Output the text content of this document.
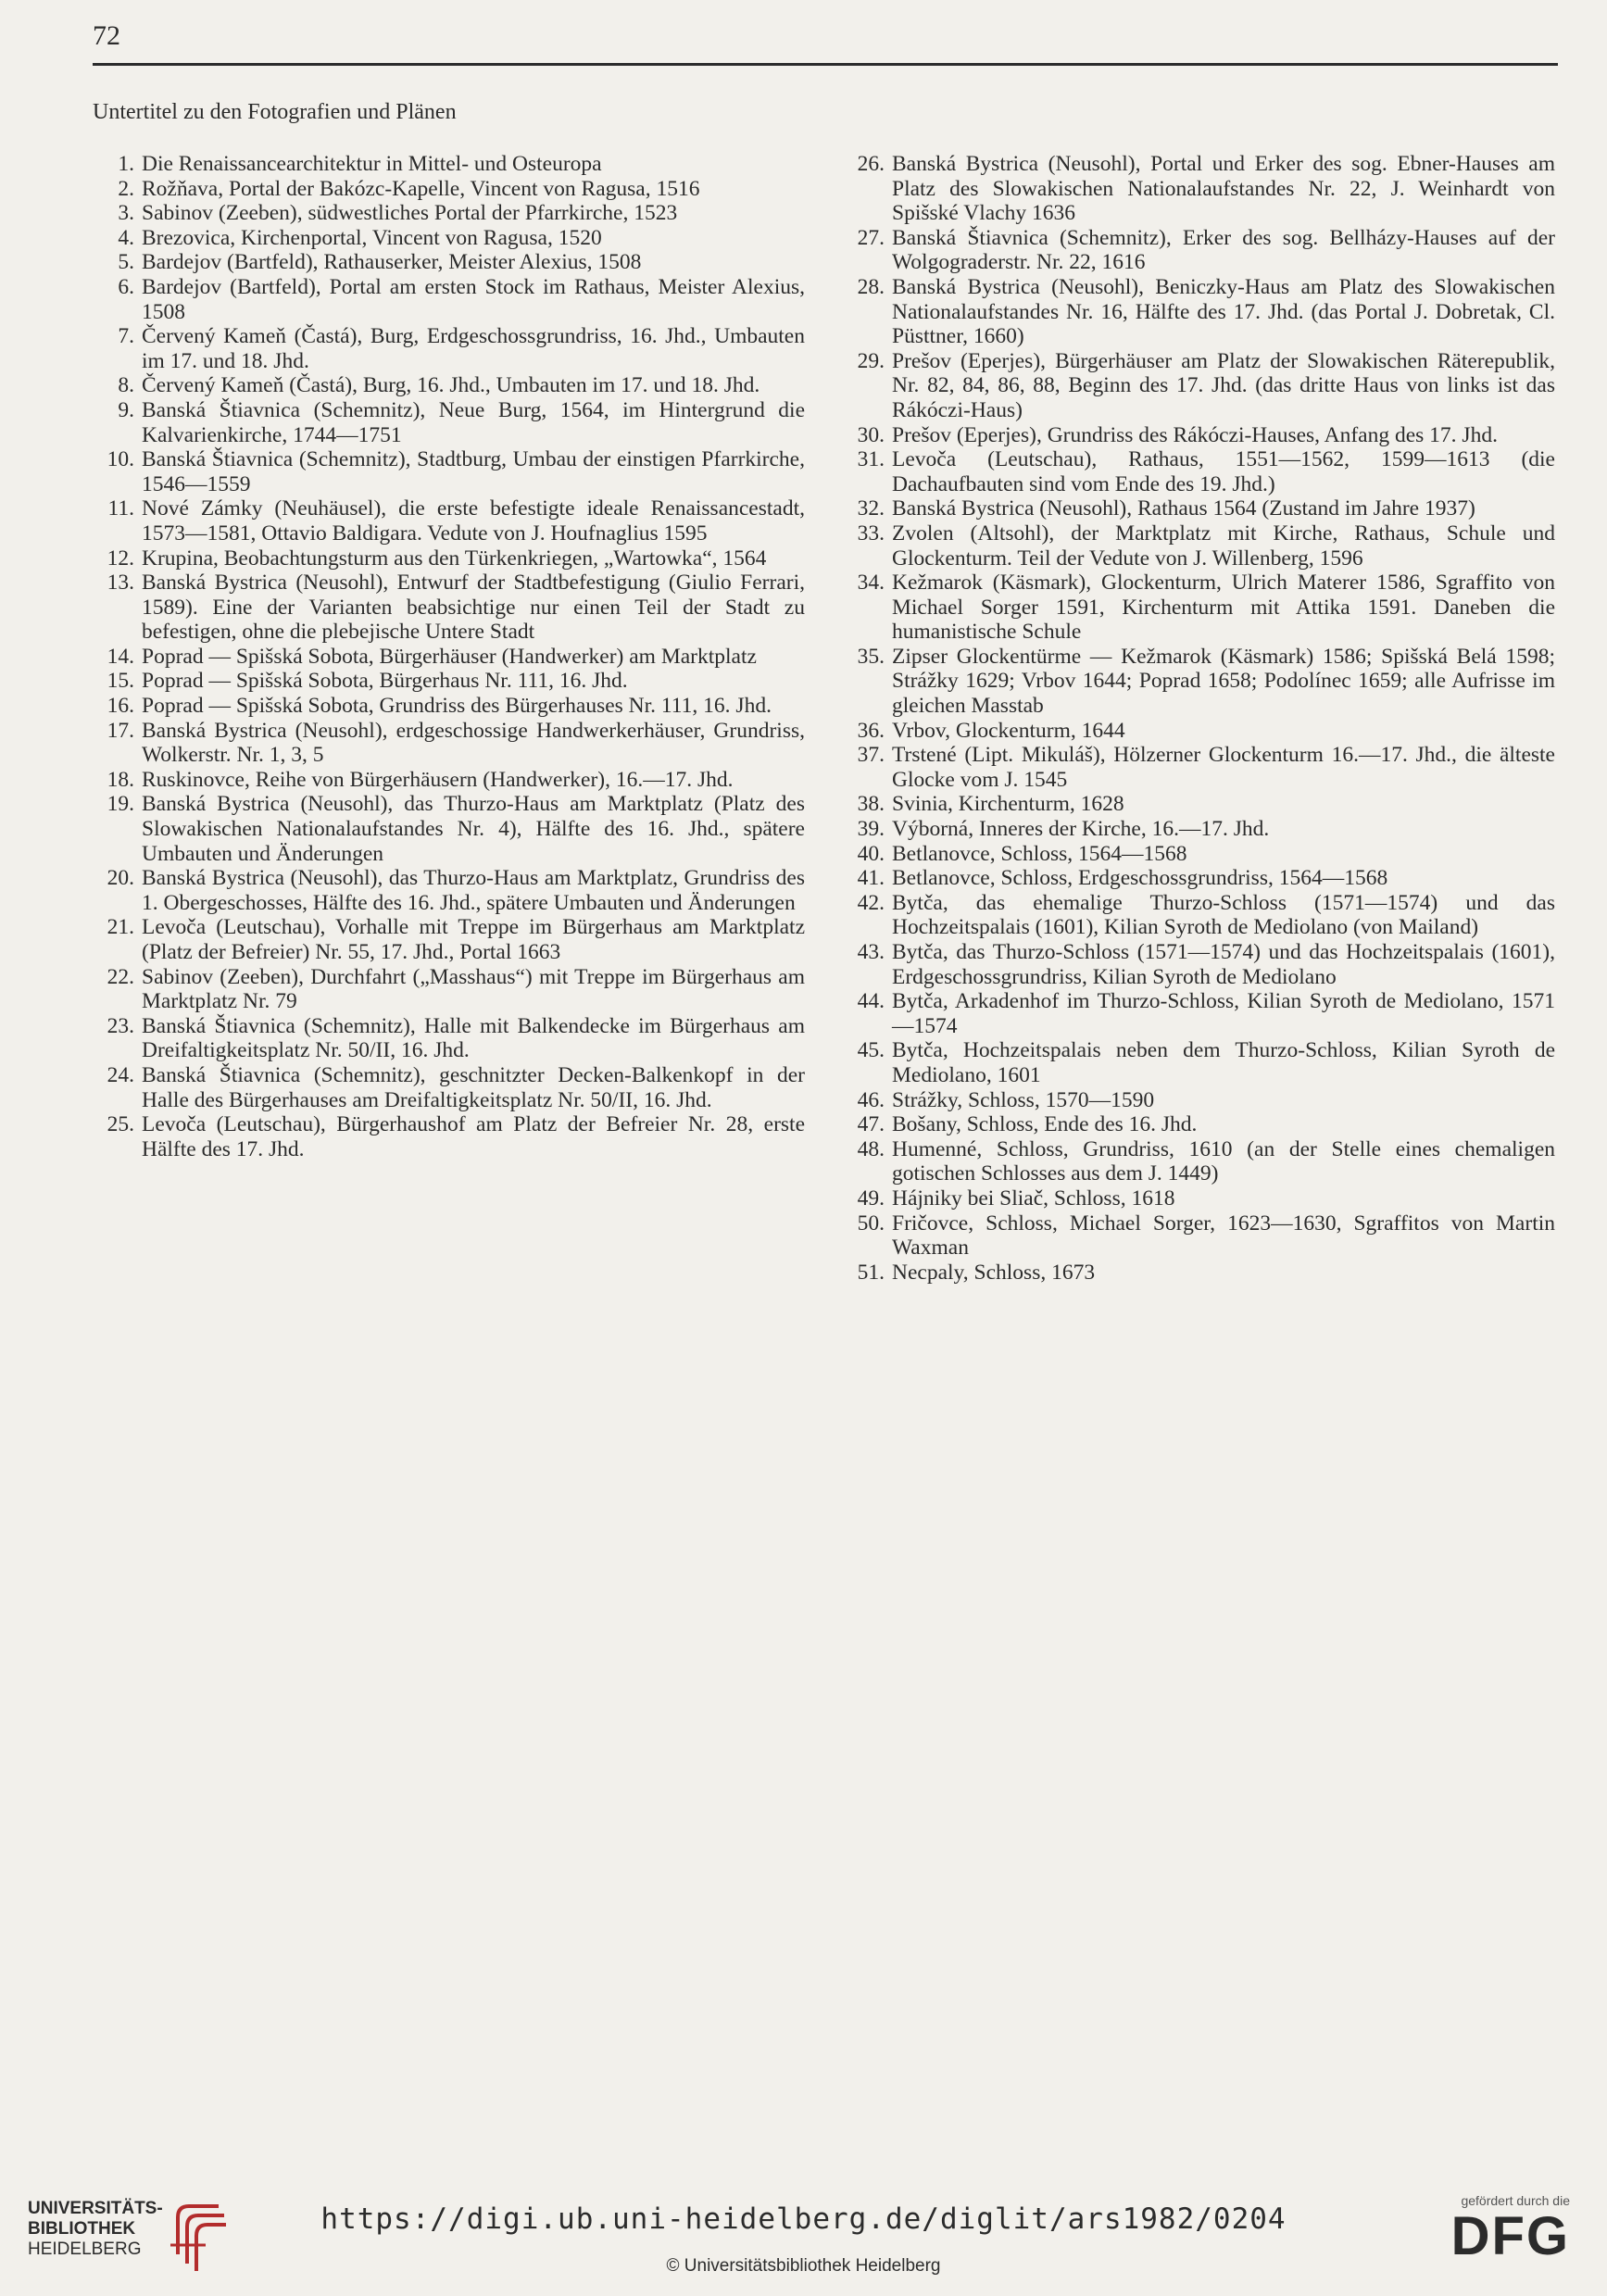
72
Untertitel zu den Fotografien und Plänen
1. Die Renaissancearchitektur in Mittel- und Osteuropa
2. Rožňava, Portal der Bakózc-Kapelle, Vincent von Ragusa, 1516
3. Sabinov (Zeeben), südwestliches Portal der Pfarrkirche, 1523
4. Brezovica, Kirchenportal, Vincent von Ragusa, 1520
5. Bardejov (Bartfeld), Rathauserker, Meister Alexius, 1508
6. Bardejov (Bartfeld), Portal am ersten Stock im Rathaus, Meister Alexius, 1508
7. Červený Kameň (Častá), Burg, Erdgeschossgrundriss, 16. Jhd., Umbauten im 17. und 18. Jhd.
8. Červený Kameň (Častá), Burg, 16. Jhd., Umbauten im 17. und 18. Jhd.
9. Banská Štiavnica (Schemnitz), Neue Burg, 1564, im Hintergrund die Kalvarienkirche, 1744—1751
10. Banská Štiavnica (Schemnitz), Stadtburg, Umbau der einstigen Pfarrkirche, 1546—1559
11. Nové Zámky (Neuhäusel), die erste befestigte ideale Renaissancestadt, 1573—1581, Ottavio Baldigara. Vedute von J. Houfnaglius 1595
12. Krupina, Beobachtungsturm aus den Türkenkriegen, „Wartowka“, 1564
13. Banská Bystrica (Neusohl), Entwurf der Stadtbefestigung (Giulio Ferrari, 1589). Eine der Varianten beabsichtige nur einen Teil der Stadt zu befestigen, ohne die plebejische Untere Stadt
14. Poprad — Spišská Sobota, Bürgerhäuser (Handwerker) am Marktplatz
15. Poprad — Spišská Sobota, Bürgerhaus Nr. 111, 16. Jhd.
16. Poprad — Spišská Sobota, Grundriss des Bürgerhauses Nr. 111, 16. Jhd.
17. Banská Bystrica (Neusohl), erdgeschossige Handwerkerhäuser, Grundriss, Wolkerstr. Nr. 1, 3, 5
18. Ruskinovce, Reihe von Bürgerhäusern (Handwerker), 16.—17. Jhd.
19. Banská Bystrica (Neusohl), das Thurzo-Haus am Marktplatz (Platz des Slowakischen Nationalaufstandes Nr. 4), Hälfte des 16. Jhd., spätere Umbauten und Änderungen
20. Banská Bystrica (Neusohl), das Thurzo-Haus am Marktplatz, Grundriss des 1. Obergeschosses, Hälfte des 16. Jhd., spätere Umbauten und Änderungen
21. Levoča (Leutschau), Vorhalle mit Treppe im Bürgerhaus am Marktplatz (Platz der Befreier) Nr. 55, 17. Jhd., Portal 1663
22. Sabinov (Zeeben), Durchfahrt („Masshaus“) mit Treppe im Bürgerhaus am Marktplatz Nr. 79
23. Banská Štiavnica (Schemnitz), Halle mit Balkendecke im Bürgerhaus am Dreifaltigkeitsplatz Nr. 50/II, 16. Jhd.
24. Banská Štiavnica (Schemnitz), geschnitzter Decken-Balkenkopf in der Halle des Bürgerhauses am Dreifaltigkeitsplatz Nr. 50/II, 16. Jhd.
25. Levoča (Leutschau), Bürgerhaushof am Platz der Befreier Nr. 28, erste Hälfte des 17. Jhd.
26. Banská Bystrica (Neusohl), Portal und Erker des sog. Ebner-Hauses am Platz des Slowakischen Nationalaufstandes Nr. 22, J. Weinhardt von Spišské Vlachy 1636
27. Banská Štiavnica (Schemnitz), Erker des sog. Bellházy-Hauses auf der Wolgograderstr. Nr. 22, 1616
28. Banská Bystrica (Neusohl), Beniczky-Haus am Platz des Slowakischen Nationalaufstandes Nr. 16, Hälfte des 17. Jhd. (das Portal J. Dobretak, Cl. Püsttner, 1660)
29. Prešov (Eperjes), Bürgerhäuser am Platz der Slowakischen Räterepublik, Nr. 82, 84, 86, 88, Beginn des 17. Jhd. (das dritte Haus von links ist das Rákóczi-Haus)
30. Prešov (Eperjes), Grundriss des Rákóczi-Hauses, Anfang des 17. Jhd.
31. Levoča (Leutschau), Rathaus, 1551—1562, 1599—1613 (die Dachaufbauten sind vom Ende des 19. Jhd.)
32. Banská Bystrica (Neusohl), Rathaus 1564 (Zustand im Jahre 1937)
33. Zvolen (Altsohl), der Marktplatz mit Kirche, Rathaus, Schule und Glockenturm. Teil der Vedute von J. Willenberg, 1596
34. Kežmarok (Käsmark), Glockenturm, Ulrich Materer 1586, Sgraffito von Michael Sorger 1591, Kirchenturm mit Attika 1591. Daneben die humanistische Schule
35. Zipser Glockentürme — Kežmarok (Käsmark) 1586; Spišská Belá 1598; Strážky 1629; Vrbov 1644; Poprad 1658; Podolínec 1659; alle Aufrisse im gleichen Masstab
36. Vrbov, Glockenturm, 1644
37. Trstené (Lipt. Mikuláš), Hölzerner Glockenturm 16.—17. Jhd., die älteste Glocke vom J. 1545
38. Svinia, Kirchenturm, 1628
39. Výborná, Inneres der Kirche, 16.—17. Jhd.
40. Betlanovce, Schloss, 1564—1568
41. Betlanovce, Schloss, Erdgeschossgrundriss, 1564—1568
42. Bytča, das ehemalige Thurzo-Schloss (1571—1574) und das Hochzeitspalais (1601), Kilian Syroth de Mediolano (von Mailand)
43. Bytča, das Thurzo-Schloss (1571—1574) und das Hochzeitspalais (1601), Erdgeschossgrundriss, Kilian Syroth de Mediolano
44. Bytča, Arkadenhof im Thurzo-Schloss, Kilian Syroth de Mediolano, 1571—1574
45. Bytča, Hochzeitspalais neben dem Thurzo-Schloss, Kilian Syroth de Mediolano, 1601
46. Strážky, Schloss, 1570—1590
47. Bošany, Schloss, Ende des 16. Jhd.
48. Humenné, Schloss, Grundriss, 1610 (an der Stelle eines chemaligen gotischen Schlosses aus dem J. 1449)
49. Hájniky bei Sliač, Schloss, 1618
50. Fričovce, Schloss, Michael Sorger, 1623—1630, Sgraffitos von Martin Waxman
51. Necpaly, Schloss, 1673
UNIVERSITÄTS-
BIBLIOTHEK
HEIDELBERG
https://digi.ub.uni-heidelberg.de/diglit/ars1982/0204
© Universitätsbibliothek Heidelberg
gefördert durch die
DFG
